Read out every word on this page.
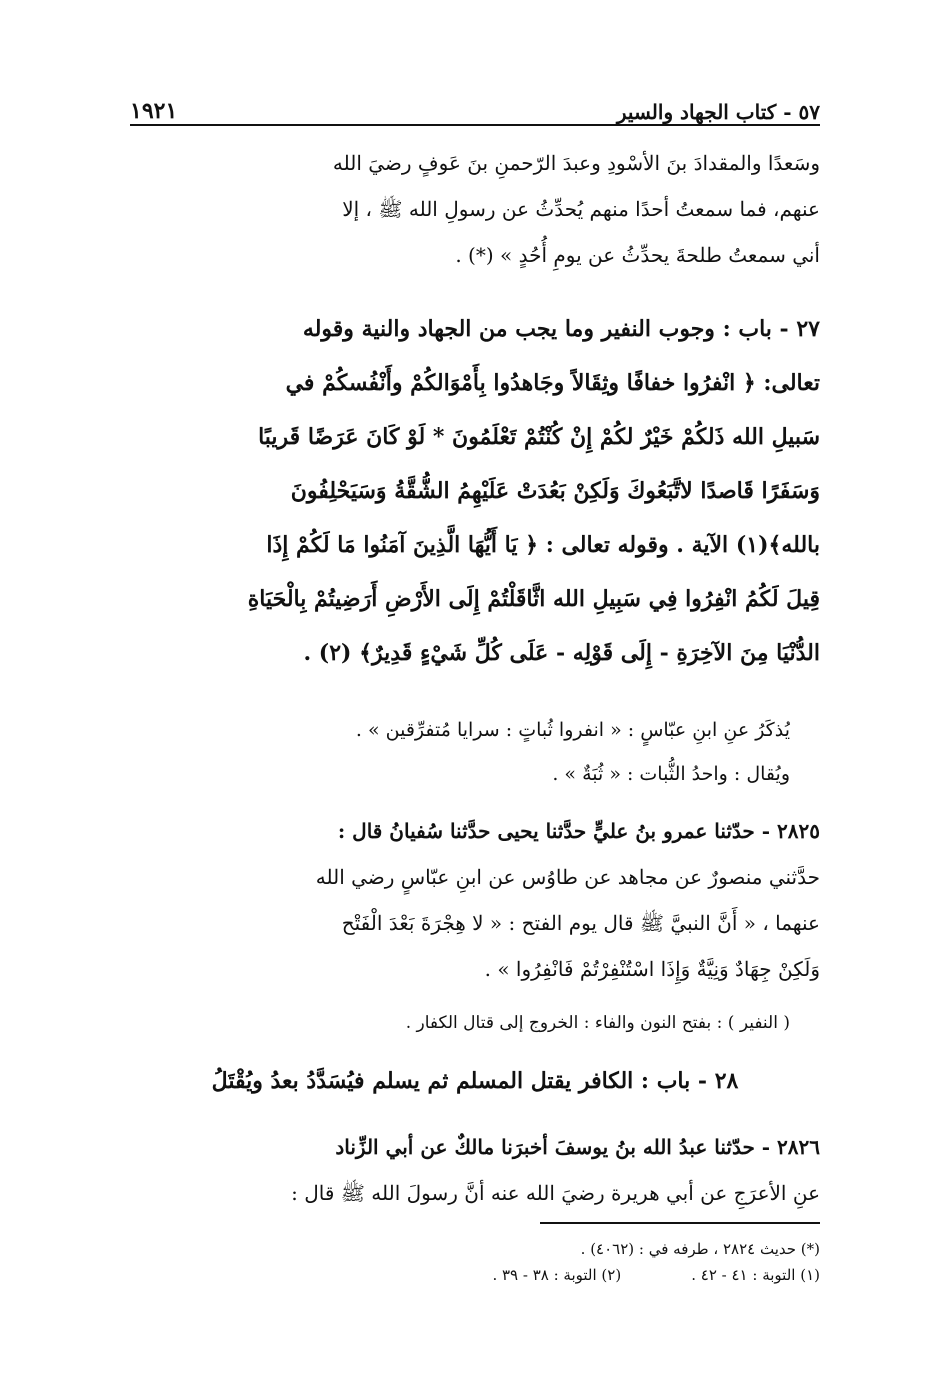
٥٧ - كتاب الجهاد والسير
١٩٢١
وسَعدًا والمقدادَ بنَ الأسْودِ وعبدَ الرّحمنِ بنَ عَوفٍ رضيَ الله
عنهم، فما سمعتُ أحدًا منهم يُحدِّثُ عن رسولِ الله ﷺ ، إلا
أني سمعتُ طلحةَ يحدِّثُ عن يومِ أُحُدٍ » (*) .
٢٧ - باب : وجوب النفير وما يجب من الجهاد والنية وقوله
تعالى: ﴿ انْفرُوا خفافًا وثِقَالاً وجَاهدُوا بِأَمْوَالكُمْ وأَنْفُسكُمْ في
سَبيلِ الله ذَلكُمْ خَيْرٌ لكُمْ إِنْ كُنْتُمْ تَعْلَمُونَ * لَوْ كَانَ عَرَضًا قَريبًا
وَسَفَرًا قَاصدًا لاتَّبَعُوكَ وَلَكِنْ بَعُدَتْ عَلَيْهِمُ الشُّقَّةُ وَسَيَحْلِفُونَ
بالله﴾(١) الآية . وقوله تعالى : ﴿ يَا أَيُّهَا الَّذِينَ آمَنُوا مَا لَكُمْ إِذَا
قِيلَ لَكُمُ انْفِرُوا فِي سَبِيلِ الله اثَّاقَلْتُمْ إِلَى الأَرْضِ أَرَضِيتُمْ بِالْحَيَاةِ
الدُّنْيَا مِنَ الآخِرَةِ - إِلَى قَوْلِه - عَلَى كُلِّ شَيْءٍ قَدِيرٌ﴾ (٢) .
يُذكَرُ عنِ ابنِ عبّاسٍ : « انفروا ثُباتٍ : سرايا مُتفرِّقين » .
ويُقال : واحدُ الثُّبات : « ثُبَةٌ » .
٢٨٢٥ - حدّثنا عمرو بنُ عليٍّ حدَّثنا يحيى حدَّثنا سُفيانُ قال :
حدَّثني منصورٌ عن مجاهد عن طاوُس عن ابنِ عبّاسٍ رضي الله
عنهما ، « أَنَّ النبيَّ ﷺ قال يوم الفتح : « لا هِجْرَةَ بَعْدَ الْفَتْح
وَلَكِنْ جِهَادٌ وَنِيَّةٌ وَإِذَا اسْتُنْفِرْتُمْ فَانْفِرُوا » .
( النفير ) : بفتح النون والفاء : الخروج إلى قتال الكفار .
٢٨ - باب : الكافر يقتل المسلم ثم يسلم فيُسَدَّدُ بعدُ ويُقْتَلُ
٢٨٢٦ - حدّثنا عبدُ الله بنُ يوسفَ أخبرَنا مالكٌ عن أبي الزِّناد
عنِ الأعرَجِ عن أبي هريرة رضيَ الله عنه أنَّ رسولَ الله ﷺ قال :
(*) حديث ٢٨٢٤ ، طرفه في : (٤٠٦٢) .
(١) التوبة : ٤١ - ٤٢ .
(٢) التوبة : ٣٨ - ٣٩ .
